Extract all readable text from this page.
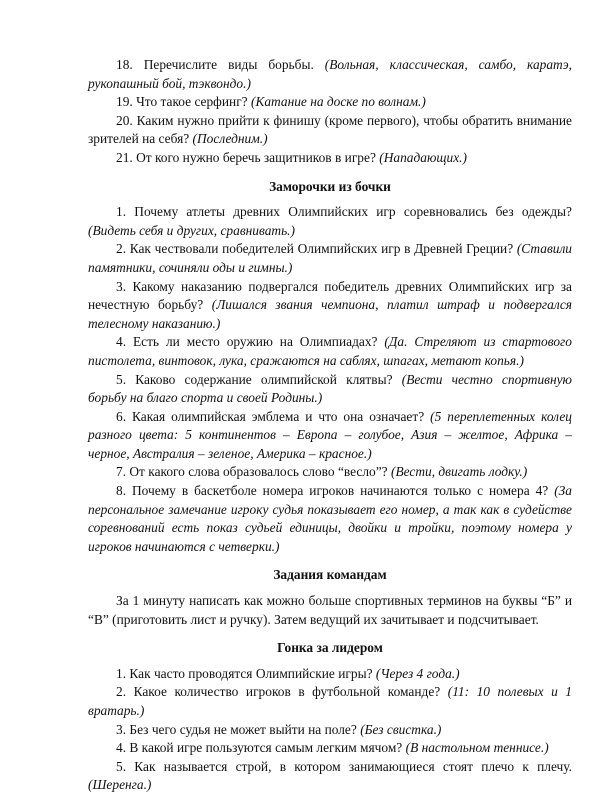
18. Перечислите виды борьбы. (Вольная, классическая, самбо, каратэ, рукопашный бой, тэквондо.)

19. Что такое серфинг? (Катание на доске по волнам.)

20. Каким нужно прийти к финишу (кроме первого), чтобы обратить внимание зрителей на себя? (Последним.)

21. От кого нужно беречь защитников в игре? (Нападающих.)

Заморочки из бочки

1. Почему атлеты древних Олимпийских игр соревновались без одежды? (Видеть себя и других, сравнивать.)

2. Как чествовали победителей Олимпийских игр в Древней Греции? (Ставили памятники, сочиняли оды и гимны.)

3. Какому наказанию подвергался победитель древних Олимпийских игр за нечестную борьбу? (Лишался звания чемпиона, платил штраф и подвергался телесному наказанию.)

4. Есть ли место оружию на Олимпиадах? (Да. Стреляют из стартового пистолета, винтовок, лука, сражаются на саблях, шпагах, метают копья.)

5. Каково содержание олимпийской клятвы? (Вести честно спортивную борьбу на благо спорта и своей Родины.)

6. Какая олимпийская эмблема и что она означает? (5 переплетенных колец разного цвета: 5 континентов – Европа – голубое, Азия – желтое, Африка – черное, Австралия – зеленое, Америка – красное.)

7. От какого слова образовалось слово “весло”? (Вести, двигать лодку.)

8. Почему в баскетболе номера игроков начинаются только с номера 4? (За персональное замечание игроку судья показывает его номер, а так как в судействе соревнований есть показ судьей единицы, двойки и тройки, поэтому номера у игроков начинаются с четверки.)

Задания командам

За 1 минуту написать как можно больше спортивных терминов на буквы “Б” и “В” (приготовить лист и ручку). Затем ведущий их зачитывает и подсчитывает.

Гонка за лидером

1. Как часто проводятся Олимпийские игры? (Через 4 года.)

2. Какое количество игроков в футбольной команде? (11: 10 полевых и 1 вратарь.)

3. Без чего судья не может выйти на поле? (Без свистка.)

4. В какой игре пользуются самым легким мячом? (В настольном теннисе.)

5. Как называется строй, в котором занимающиеся стоят плечо к плечу. (Шеренга.)
